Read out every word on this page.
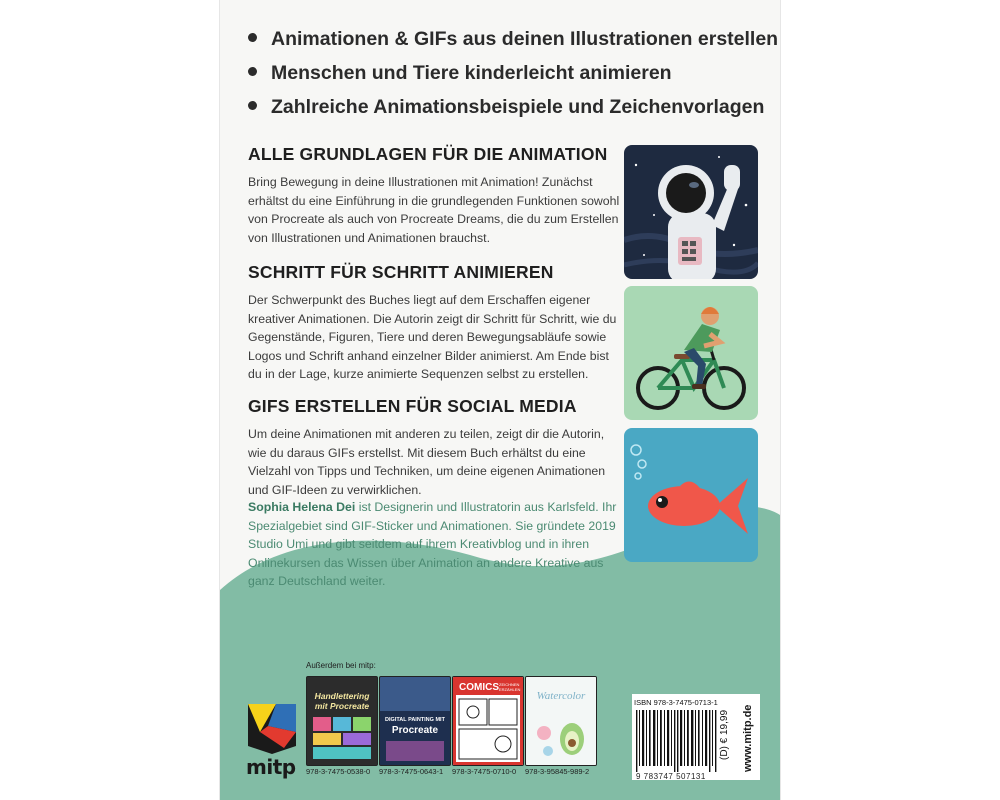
Animationen & GIFs aus deinen Illustrationen erstellen
Menschen und Tiere kinderleicht animieren
Zahlreiche Animationsbeispiele und Zeichenvorlagen
ALLE GRUNDLAGEN FÜR DIE ANIMATION

Bring Bewegung in deine Illustrationen mit Animation! Zunächst erhältst du eine Einführung in die grundlegenden Funktionen sowohl von Procreate als auch von Procreate Dreams, die du zum Erstellen von Illustrationen und Animationen brauchst.

SCHRITT FÜR SCHRITT ANIMIEREN

Der Schwerpunkt des Buches liegt auf dem Erschaffen eigener kreativer Animationen. Die Autorin zeigt dir Schritt für Schritt, wie du Gegenstände, Figuren, Tiere und deren Bewegungsabläufe sowie Logos und Schrift anhand einzelner Bilder animierst. Am Ende bist du in der Lage, kurze animierte Sequenzen selbst zu erstellen.

GIFS ERSTELLEN FÜR SOCIAL MEDIA

Um deine Animationen mit anderen zu teilen, zeigt dir die Autorin, wie du daraus GIFs erstellst. Mit diesem Buch erhältst du eine Vielzahl von Tipps und Techniken, um deine eigenen Animationen und GIF-Ideen zu verwirklichen.

Sophia Helena Dei ist Designerin und Illustratorin aus Karlsfeld. Ihr Spezialgebiet sind GIF-Sticker und Animationen. Sie gründete 2019 Studio Umi und gibt seitdem auf ihrem Kreativblog und in ihren Onlinekursen das Wissen über Animation an andere Kreative aus ganz Deutschland weiter.

Außerdem bei mitp:
Handlettering
mit Procreate
DIGITAL PAINTING MIT
Procreate
COMICS ZEICHNEN
ERZÄHLEN
Watercolor
978-3-7475-0538-0 978-3-7475-0643-1 978-3-7475-0710-0 978-3-95845-989-2
mitp
ISBN 978-3-7475-0713-1
9 783747 507131
(D) € 19,99 www.mitp.de
